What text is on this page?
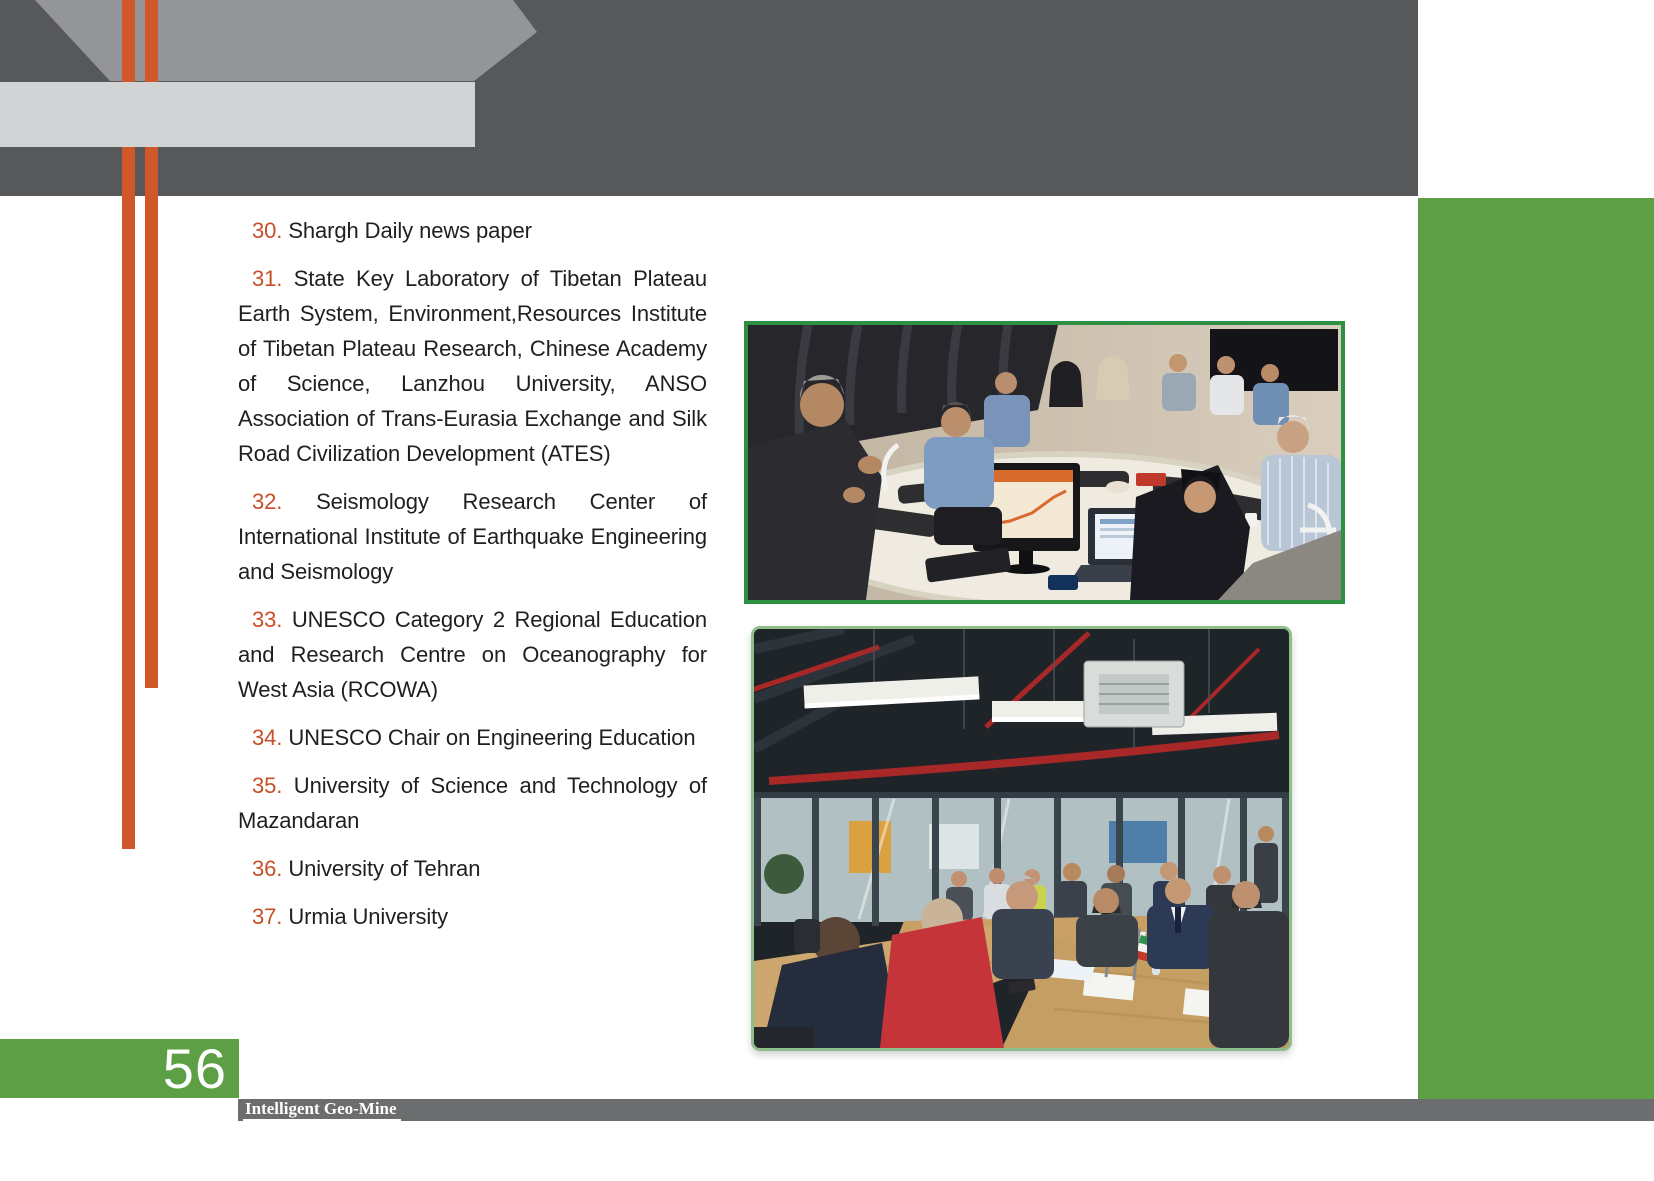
30. Shargh Daily news paper

31. State Key Laboratory of Tibetan Plateau Earth System, Environment,Resources Institute of Tibetan Plateau Research, Chinese Academy of Science, Lanzhou University, ANSO Association of Trans-Eurasia Exchange and Silk Road Civilization Development (ATES)

32. Seismology Research Center of International Institute of Earthquake Engineering and Seismology

33. UNESCO Category 2 Regional Education and Research Centre on Oceanography for West Asia (RCOWA)

34. UNESCO Chair on Engineering Education

35. University of Science and Technology of Mazandaran

36. University of Tehran

37. Urmia University

56
Intelligent Geo-Mine
